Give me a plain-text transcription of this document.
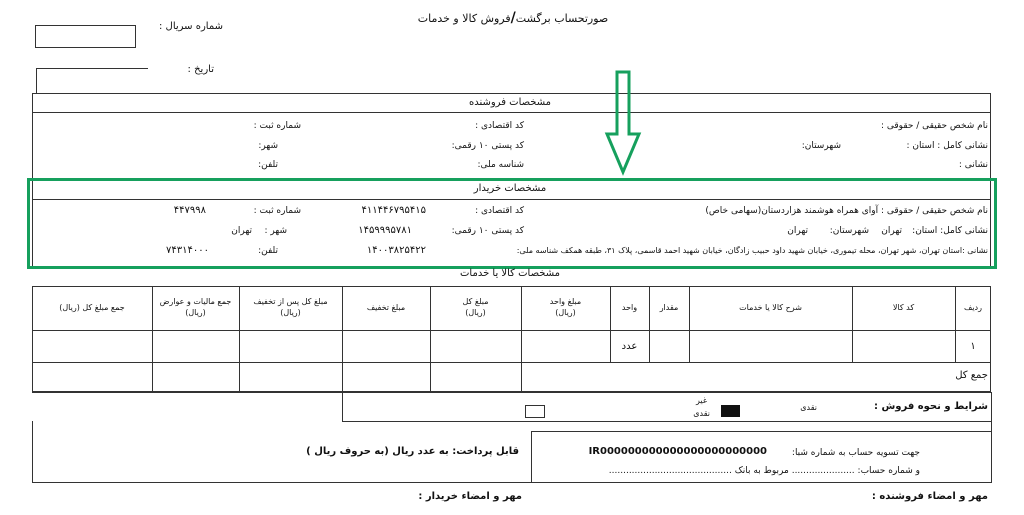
صورتحساب برگشت/فروش کالا و خدمات
شماره سریال :
تاریخ :
مشخصات فروشنده
نام شخص حقیقی / حقوقی :
کد اقتصادی :
شماره ثبت :
نشانی کامل : استان :
شهرستان:
کد پستی ۱۰ رقمی:
شهر:
نشانی :
شناسه ملی:
تلفن:
مشخصات خریدار
نام شخص حقیقی / حقوقی : آوای همراه هوشمند هزاردستان(سهامی خاص)
کد اقتصادی :
۴۱۱۴۴۶۷۹۵۴۱۵
شماره ثبت :
۴۴۷۹۹۸
نشانی کامل: استان:
تهران
شهرستان:
تهران
کد پستی ۱۰ رقمی:
۱۴۵۹۹۹۵۷۸۱
شهر :
تهران
نشانی :استان تهران، شهر تهران، محله تیموری، خیابان شهید داود حبیب زادگان، خیابان شهید احمد قاسمی، پلاک ۳۱، طبقه همکف شناسه ملی:
۱۴۰۰۳۸۲۵۴۲۲
تلفن:
۷۴۳۱۴۰۰۰
مشخصات کالا یا خدمات
ردیف
کد کالا
شرح کالا یا خدمات
مقدار
واحد
مبلغ واحد
(ریال)
مبلغ کل
(ریال)
مبلغ تخفیف
مبلغ کل پس از تخفیف
(ریال)
جمع مالیات و عوارض
(ریال)
جمع مبلغ کل (ریال)
۱
عدد
جمع کل
شرایط و نحوه فروش :
نقدی
غیر
نقدی
قابل پرداخت: به عدد ریال (به حروف ریال )	جهت تسویه حساب به شماره شبا:
IR000000000000000000000000
و شماره حساب: ...................... مربوط به بانک ...........................................
مهر و امضاء فروشنده :
مهر و امضاء خریدار :
